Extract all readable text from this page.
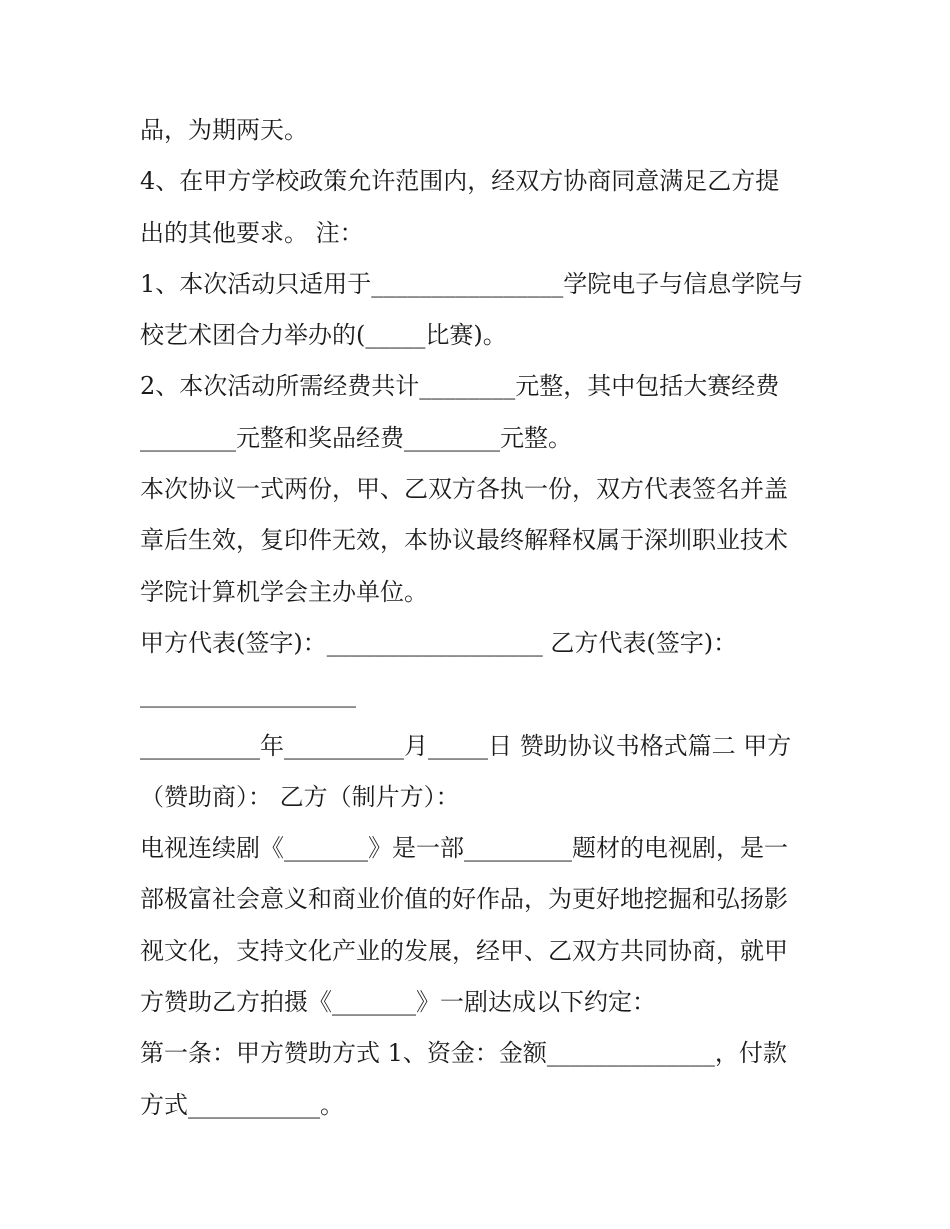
品，为期两天。
4、在甲方学校政策允许范围内，经双方协商同意满足乙方提
出的其他要求。 注：
1、本次活动只适用于________________学院电子与信息学院与
校艺术团合力举办的(_____比赛)。
2、本次活动所需经费共计________元整，其中包括大赛经费
________元整和奖品经费________元整。
本次协议一式两份，甲、乙双方各执一份，双方代表签名并盖
章后生效，复印件无效，本协议最终解释权属于深圳职业技术
学院计算机学会主办单位。
甲方代表(签字)：__________________ 乙方代表(签字)：
__________________
__________年__________月_____日 赞助协议书格式篇二 甲方
（赞助商）： 乙方（制片方）：
电视连续剧《_______》是一部_________题材的电视剧，是一
部极富社会意义和商业价值的好作品，为更好地挖掘和弘扬影
视文化，支持文化产业的发展，经甲、乙双方共同协商，就甲
方赞助乙方拍摄《_______》一剧达成以下约定：
第一条：甲方赞助方式 1、资金：金额______________，付款
方式___________。
